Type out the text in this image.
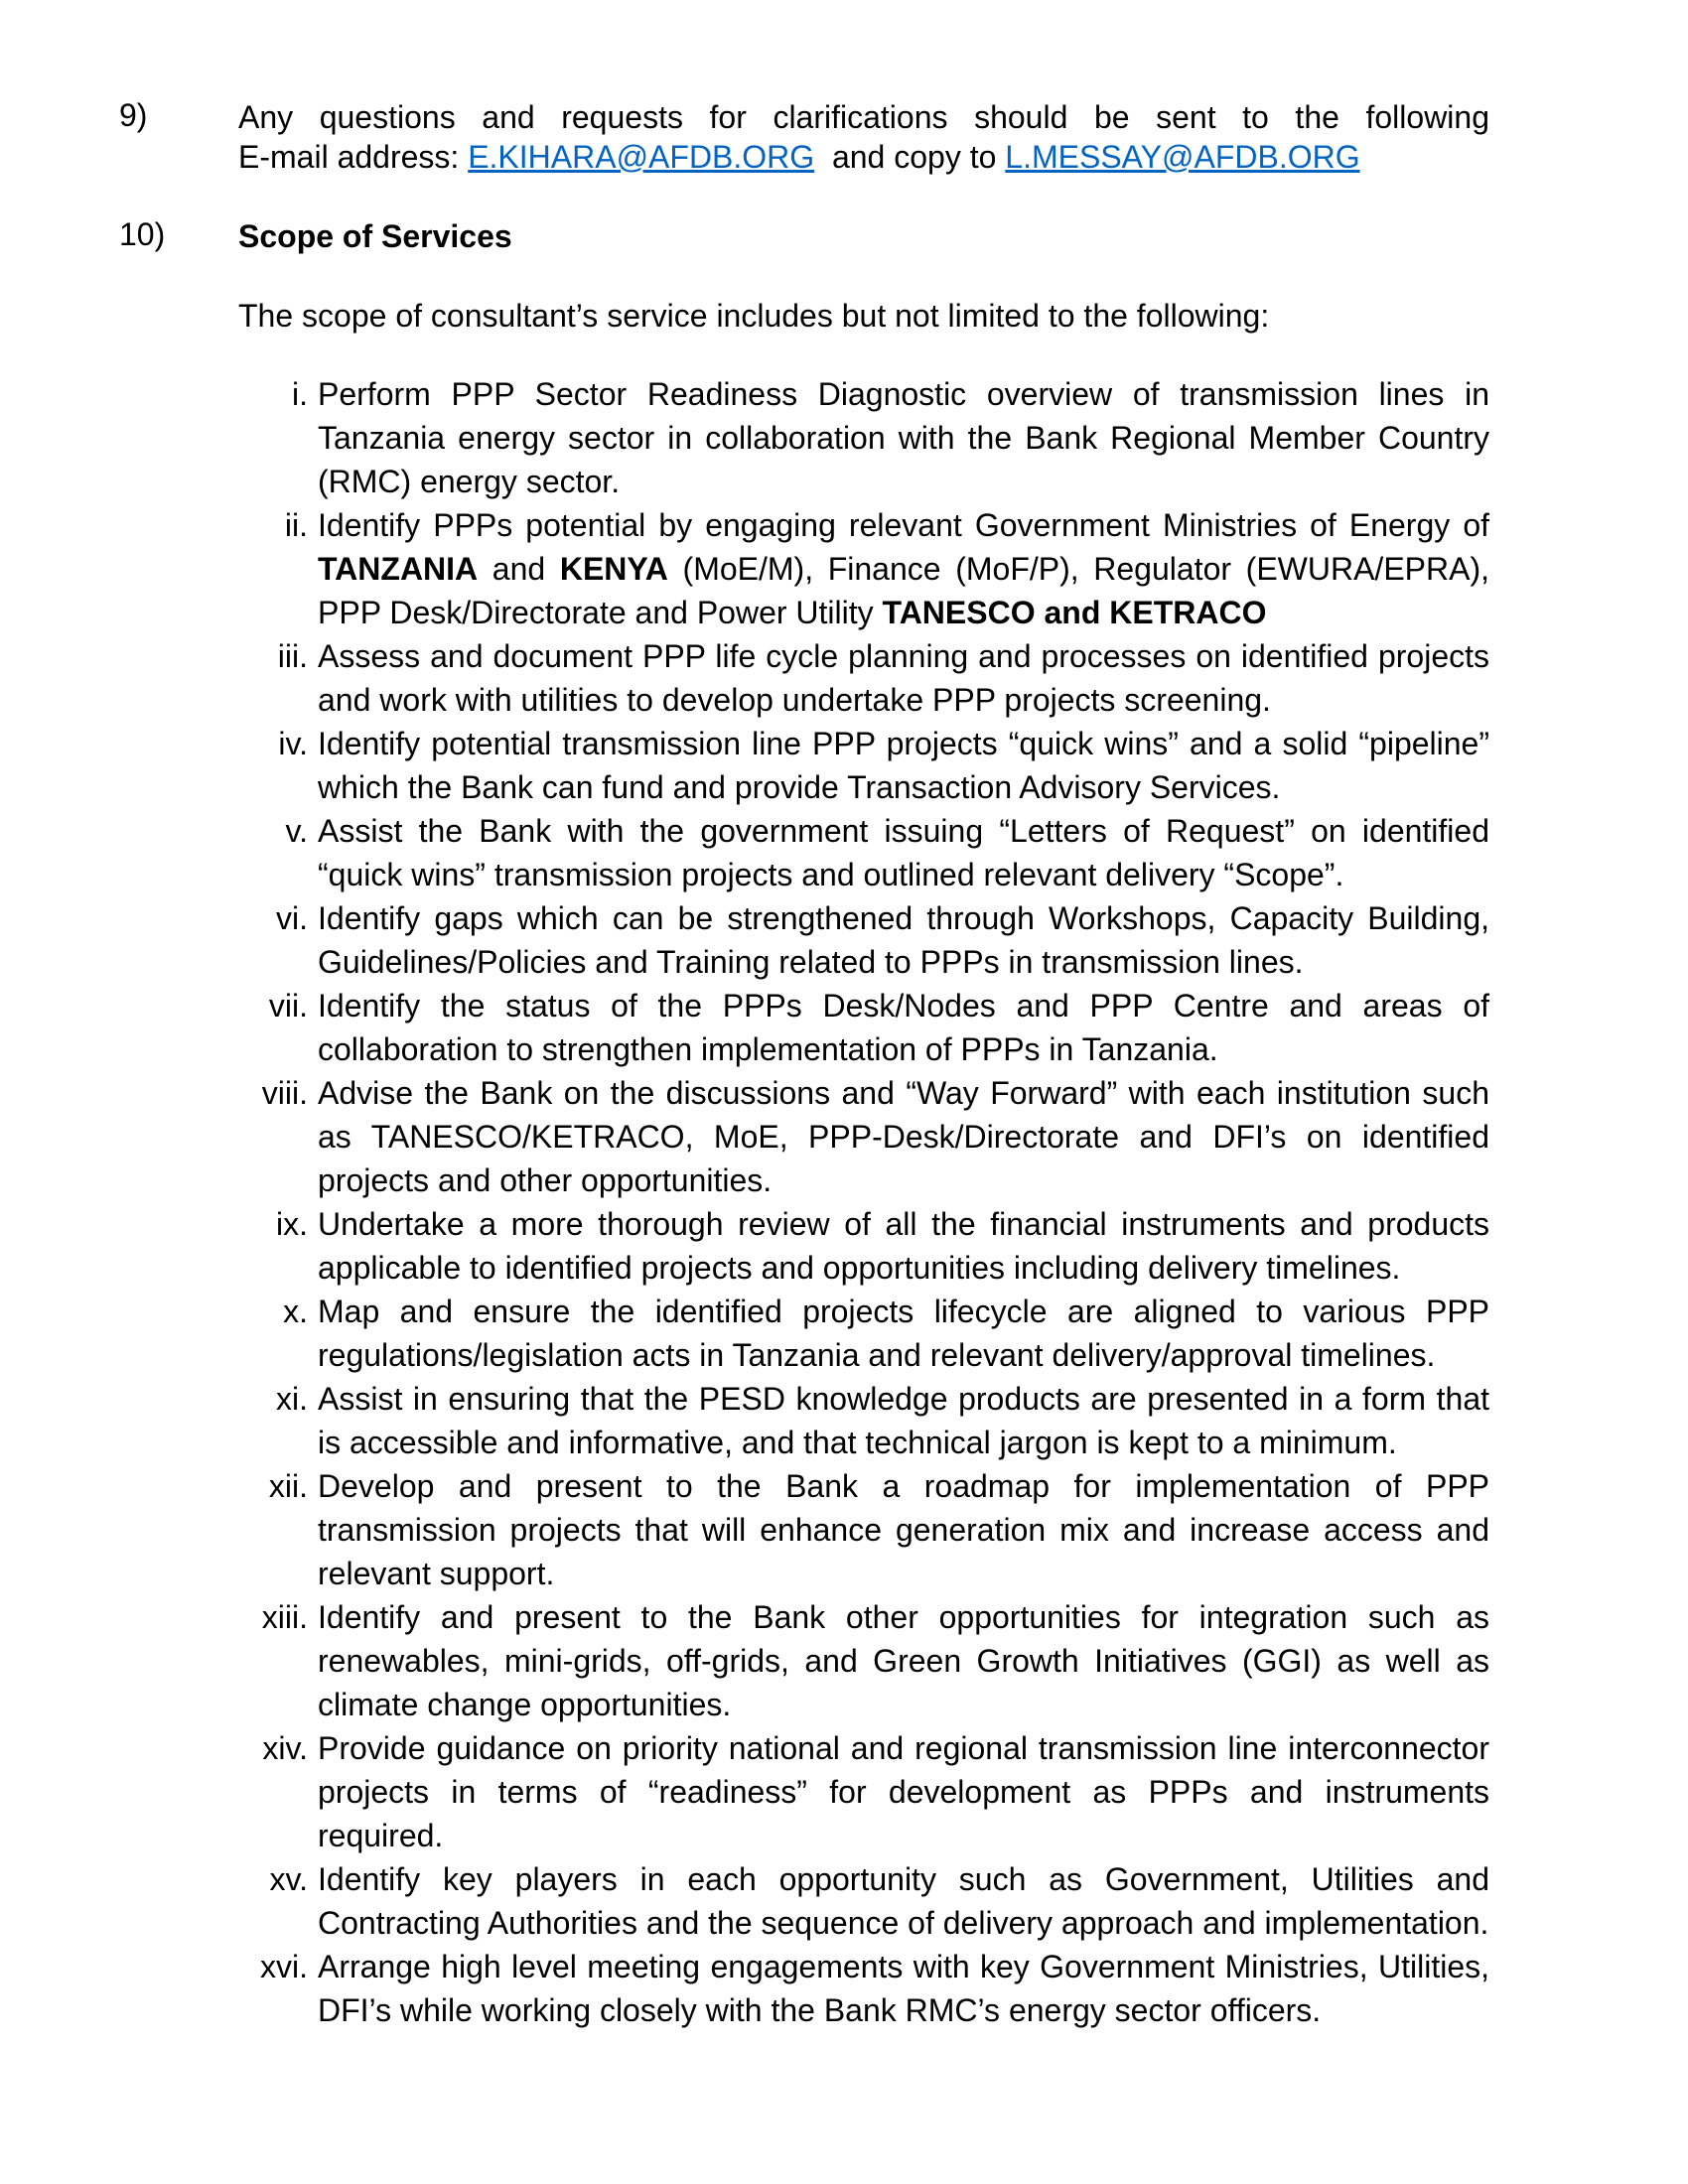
9)	Any questions and requests for clarifications should be sent to the following

E-mail address: E.KIHARA@AFDB.ORG  and copy to L.MESSAY@AFDB.ORG

10)	Scope of Services

The scope of consultant’s service includes but not limited to the following:

i. Perform PPP Sector Readiness Diagnostic overview of transmission lines in Tanzania energy sector in collaboration with the Bank Regional Member Country (RMC) energy sector.
ii. Identify PPPs potential by engaging relevant Government Ministries of Energy of TANZANIA and KENYA (MoE/M), Finance (MoF/P), Regulator (EWURA/EPRA), PPP Desk/Directorate and Power Utility TANESCO and KETRACO
iii. Assess and document PPP life cycle planning and processes on identified projects and work with utilities to develop undertake PPP projects screening.
iv. Identify potential transmission line PPP projects “quick wins” and a solid “pipeline” which the Bank can fund and provide Transaction Advisory Services.
v. Assist the Bank with the government issuing “Letters of Request” on identified “quick wins” transmission projects and outlined relevant delivery “Scope”.
vi. Identify gaps which can be strengthened through Workshops, Capacity Building, Guidelines/Policies and Training related to PPPs in transmission lines.
vii. Identify the status of the PPPs Desk/Nodes and PPP Centre and areas of collaboration to strengthen implementation of PPPs in Tanzania.
viii. Advise the Bank on the discussions and “Way Forward” with each institution such as TANESCO/KETRACO, MoE, PPP-Desk/Directorate and DFI’s on identified projects and other opportunities.
ix. Undertake a more thorough review of all the financial instruments and products applicable to identified projects and opportunities including delivery timelines.
x. Map and ensure the identified projects lifecycle are aligned to various PPP regulations/legislation acts in Tanzania and relevant delivery/approval timelines.
xi. Assist in ensuring that the PESD knowledge products are presented in a form that is accessible and informative, and that technical jargon is kept to a minimum.
xii. Develop and present to the Bank a roadmap for implementation of PPP transmission projects that will enhance generation mix and increase access and relevant support.
xiii. Identify and present to the Bank other opportunities for integration such as renewables, mini-grids, off-grids, and Green Growth Initiatives (GGI) as well as climate change opportunities.
xiv. Provide guidance on priority national and regional transmission line interconnector projects in terms of “readiness” for development as PPPs and instruments required.
xv. Identify key players in each opportunity such as Government, Utilities and Contracting Authorities and the sequence of delivery approach and implementation.
xvi. Arrange high level meeting engagements with key Government Ministries, Utilities, DFI’s while working closely with the Bank RMC’s energy sector officers.
